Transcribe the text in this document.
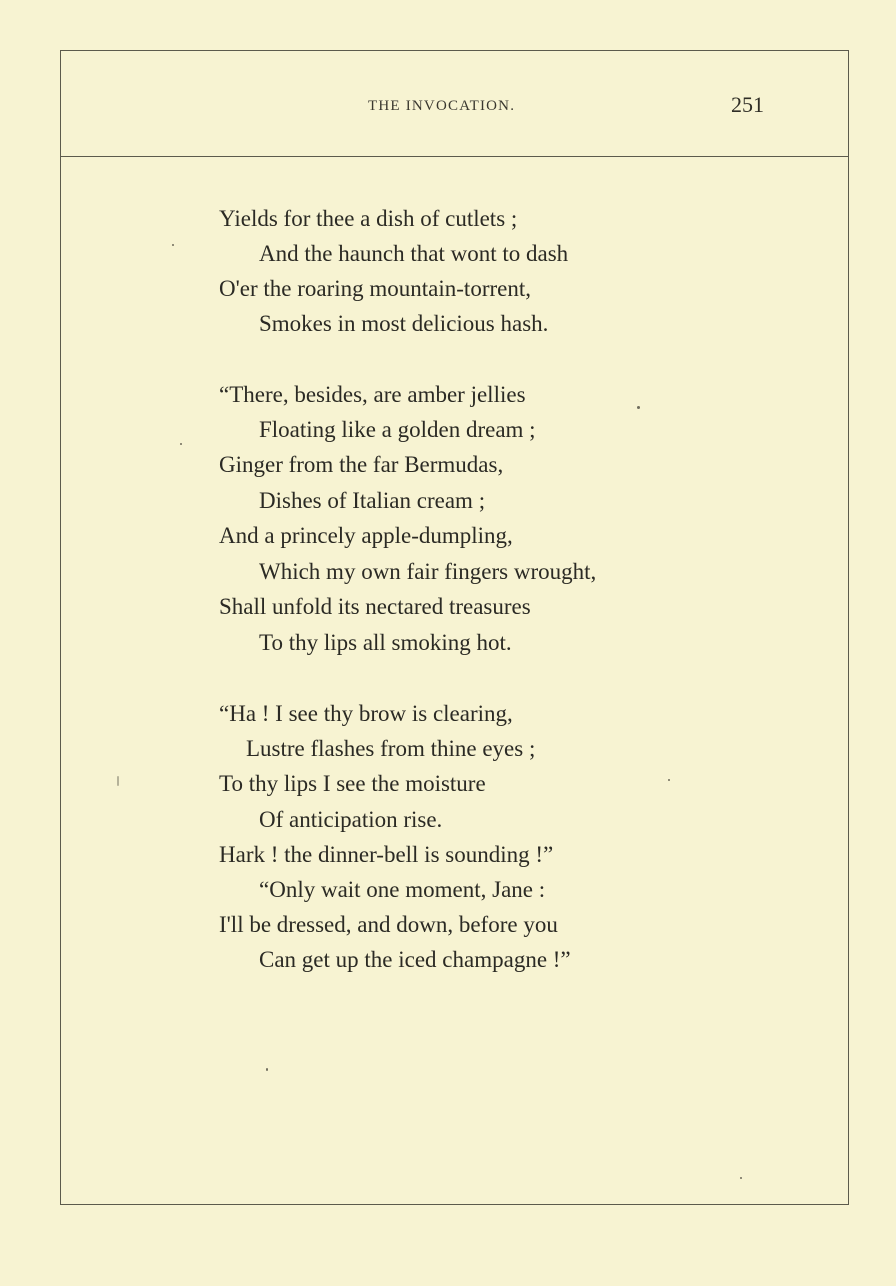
THE INVOCATION.	251
Yields for thee a dish of cutlets ;
And the haunch that wont to dash
O'er the roaring mountain-torrent,
Smokes in most delicious hash.
“There, besides, are amber jellies
Floating like a golden dream ;
Ginger from the far Bermudas,
Dishes of Italian cream ;
And a princely apple-dumpling,
Which my own fair fingers wrought,
Shall unfold its nectared treasures
To thy lips all smoking hot.
“Ha ! I see thy brow is clearing,
Lustre flashes from thine eyes ;
To thy lips I see the moisture
Of anticipation rise.
Hark ! the dinner-bell is sounding !”
“Only wait one moment, Jane :
I'll be dressed, and down, before you
Can get up the iced champagne !”
